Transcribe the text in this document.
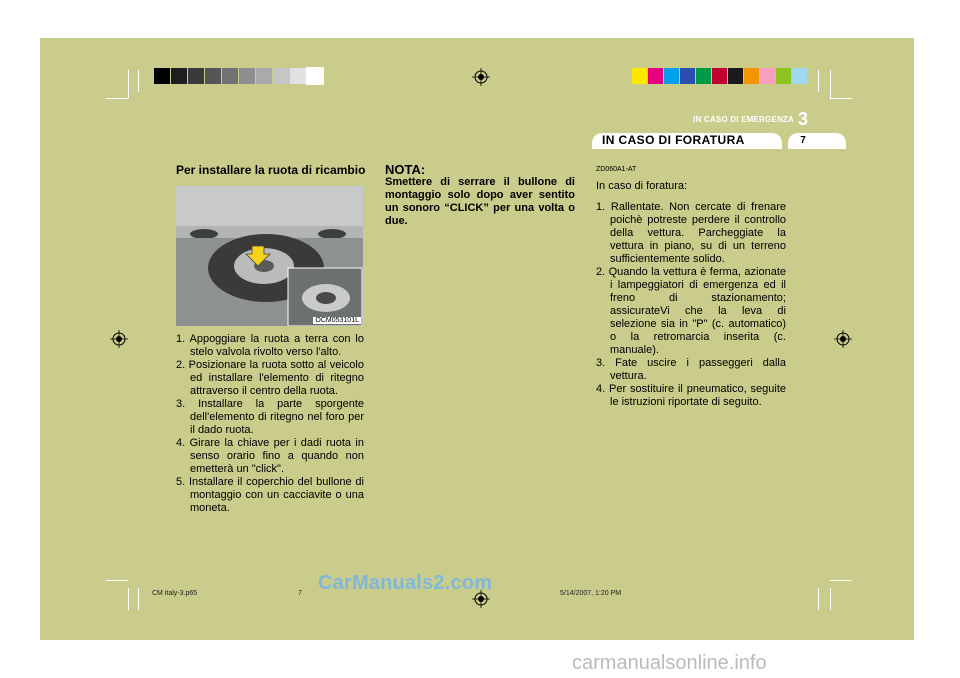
IN CASO DI EMERGENZA 3
IN CASO DI FORATURA	7
Per installare la ruota di ricambio
OCM053101L
1. Appoggiare la ruota a terra con lo stelo valvola rivolto verso l'alto.
2. Posizionare la ruota sotto al veicolo ed installare l'elemento di ritegno attraverso il centro della ruota.
3. Installare la parte sporgente dell'elemento di ritegno nel foro per il dado ruota.
4. Girare la chiave per i dadi ruota in senso orario fino a quando non emetterà un "click".
5. Installare il coperchio del bullone di montaggio con un cacciavite o una moneta.
NOTA:
Smettere di serrare il bullone di montaggio solo dopo aver sentito un sonoro “CLICK” per una volta o due.
ZD060A1-AT
In caso di foratura:
1. Rallentate. Non cercate di frenare poichè potreste perdere il controllo della vettura. Parcheggiate la vettura in piano, su di un terreno sufficientemente solido.
2. Quando la vettura è ferma, azionate i lampeggiatori di emergenza ed il freno di stazionamento; assicurateVi che la leva di selezione sia in "P" (c. automatico) o la retromarcia inserita (c. manuale).
3. Fate uscire i passeggeri dalla vettura.
4. Per sostituire il pneumatico, seguite le istruzioni riportate di seguito.
CM italy-3.p65	7	5/14/2007, 1:20 PM
CarManuals2.com
carmanualsonline.info
